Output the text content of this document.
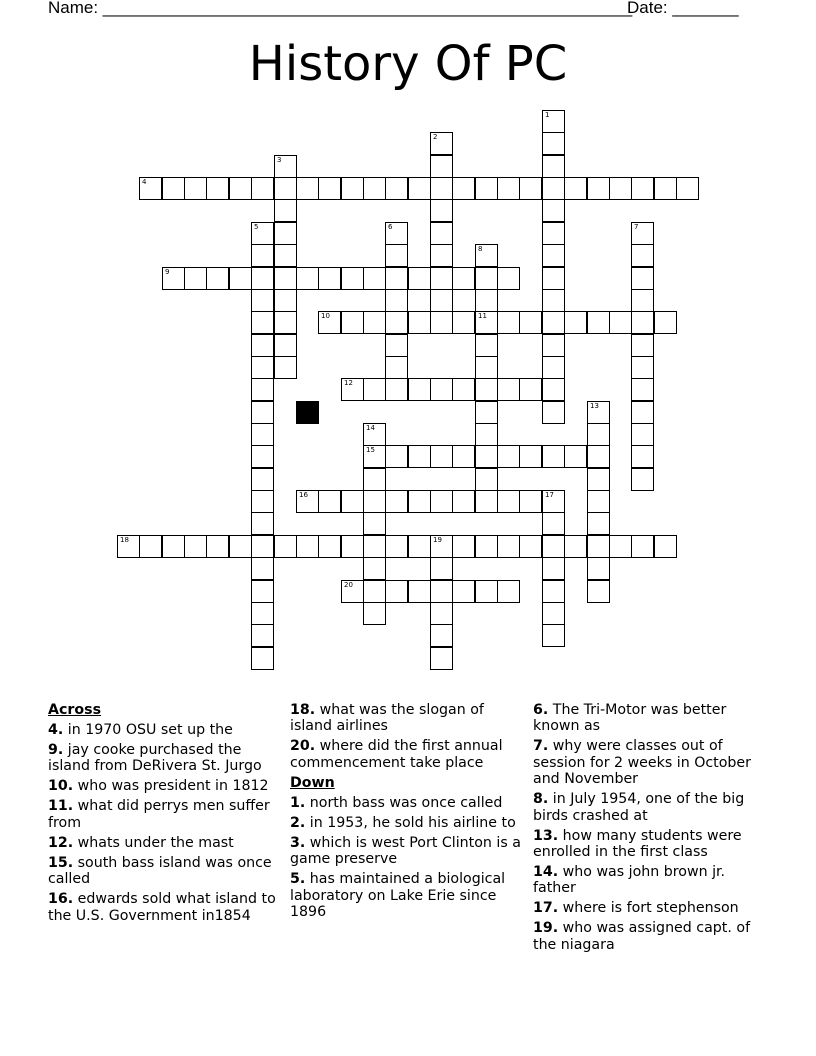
Name: ________________________________________________________
Date: _______
History Of PC
1
2
3
4
5	6	7
8
11
9
10
12
13
14
15
16	17
18	19
20
Across
4. in 1970 OSU set up the
9. jay cooke purchased the island from DeRivera St. Jurgo
10. who was president in 1812
11. what did perrys men suffer from
12. whats under the mast
15. south bass island was once called
16. edwards sold what island to the U.S. Government in1854
18. what was the slogan of island airlines
20. where did the first annual commencement take place
Down
1. north bass was once called
2. in 1953, he sold his airline to
3. which is west Port Clinton is a game preserve
5. has maintained a biological laboratory on Lake Erie since 1896
6. The Tri-Motor was better known as
7. why were classes out of session for 2 weeks in October and November
8. in July 1954, one of the big birds crashed at
13. how many students were enrolled in the first class
14. who was john brown jr. father
17. where is fort stephenson
19. who was assigned capt. of the niagara
